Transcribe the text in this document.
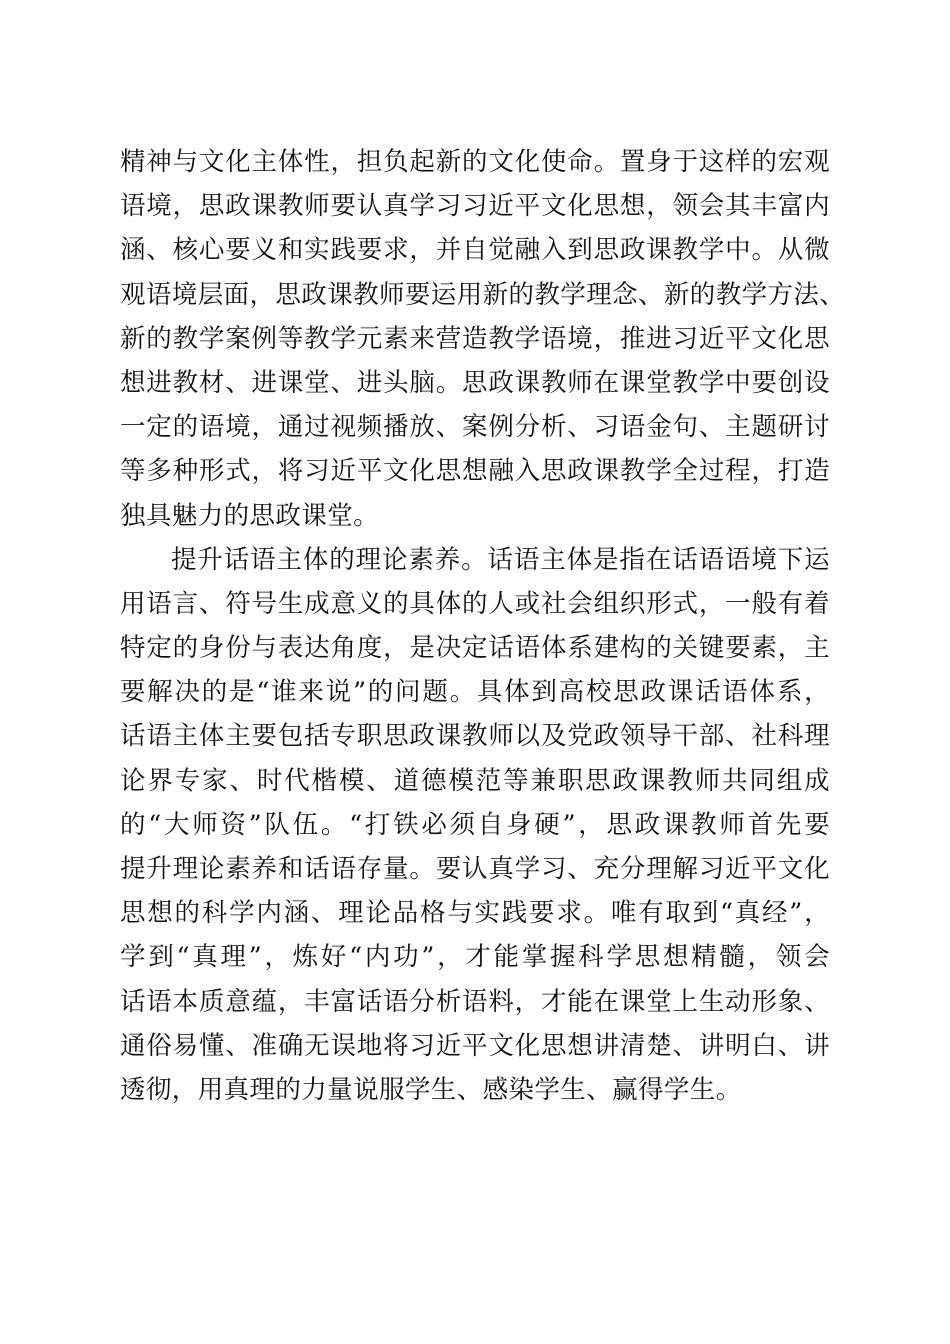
精神与文化主体性，担负起新的文化使命。置身于这样的宏观
语境，思政课教师要认真学习习近平文化思想，领会其丰富内
涵、核心要义和实践要求，并自觉融入到思政课教学中。从微
观语境层面，思政课教师要运用新的教学理念、新的教学方法、
新的教学案例等教学元素来营造教学语境，推进习近平文化思
想进教材、进课堂、进头脑。思政课教师在课堂教学中要创设
一定的语境，通过视频播放、案例分析、习语金句、主题研讨
等多种形式，将习近平文化思想融入思政课教学全过程，打造
独具魅力的思政课堂。
提升话语主体的理论素养。话语主体是指在话语语境下运
用语言、符号生成意义的具体的人或社会组织形式，一般有着
特定的身份与表达角度，是决定话语体系建构的关键要素，主
要解决的是“谁来说”的问题。具体到高校思政课话语体系，
话语主体主要包括专职思政课教师以及党政领导干部、社科理
论界专家、时代楷模、道德模范等兼职思政课教师共同组成
的“大师资”队伍。“打铁必须自身硬”，思政课教师首先要
提升理论素养和话语存量。要认真学习、充分理解习近平文化
思想的科学内涵、理论品格与实践要求。唯有取到“真经”，
学到“真理”，炼好“内功”，才能掌握科学思想精髓，领会
话语本质意蕴，丰富话语分析语料，才能在课堂上生动形象、
通俗易懂、准确无误地将习近平文化思想讲清楚、讲明白、讲
透彻，用真理的力量说服学生、感染学生、赢得学生。
